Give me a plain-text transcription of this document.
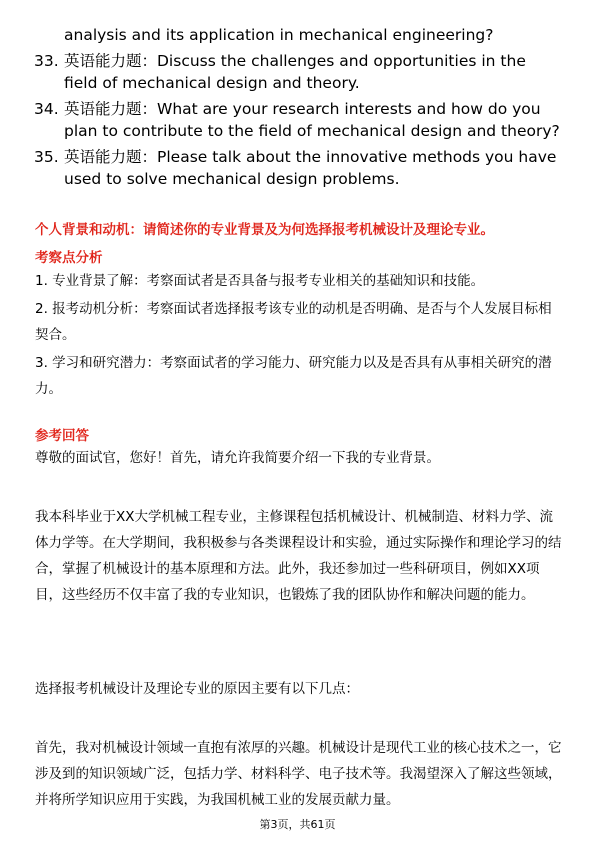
analysis and its application in mechanical engineering?
33. 英语能力题：Discuss the challenges and opportunities in the field of mechanical design and theory.
34. 英语能力题：What are your research interests and how do you plan to contribute to the field of mechanical design and theory?
35. 英语能力题：Please talk about the innovative methods you have used to solve mechanical design problems.
个人背景和动机：请简述你的专业背景及为何选择报考机械设计及理论专业。
考察点分析
1. 专业背景了解：考察面试者是否具备与报考专业相关的基础知识和技能。
2. 报考动机分析：考察面试者选择报考该专业的动机是否明确、是否与个人发展目标相契合。
3. 学习和研究潜力：考察面试者的学习能力、研究能力以及是否具有从事相关研究的潜力。
参考回答
尊敬的面试官，您好！首先，请允许我简要介绍一下我的专业背景。
我本科毕业于XX大学机械工程专业，主修课程包括机械设计、机械制造、材料力学、流体力学等。在大学期间，我积极参与各类课程设计和实验，通过实际操作和理论学习的结合，掌握了机械设计的基本原理和方法。此外，我还参加过一些科研项目，例如XX项目，这些经历不仅丰富了我的专业知识，也锻炼了我的团队协作和解决问题的能力。
选择报考机械设计及理论专业的原因主要有以下几点：
首先，我对机械设计领域一直抱有浓厚的兴趣。机械设计是现代工业的核心技术之一，它涉及到的知识领域广泛，包括力学、材料科学、电子技术等。我渴望深入了解这些领域，并将所学知识应用于实践，为我国机械工业的发展贡献力量。
第3页，共61页
